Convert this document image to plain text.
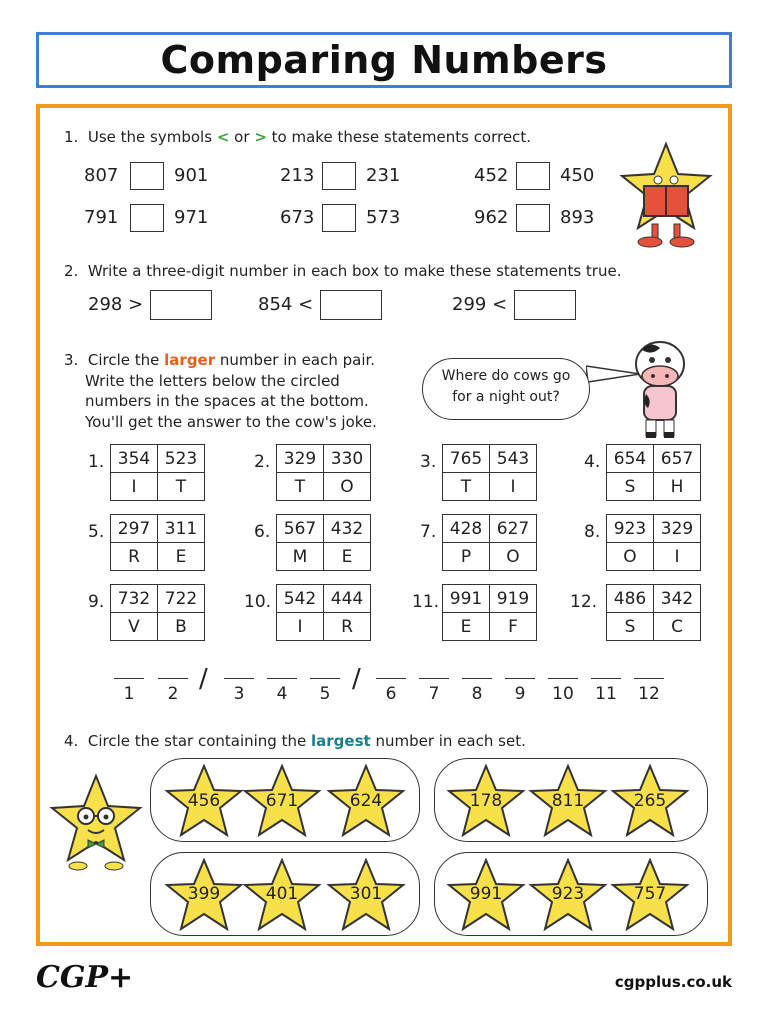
Comparing Numbers
1. Use the symbols < or > to make these statements correct.
807	901	213	231	452	450
791	971	673	573	962	893
2. Write a three-digit number in each box to make these statements true.
298 >	854 <	299 <
3. Circle the larger number in each pair.
Write the letters below the circled
numbers in the spaces at the bottom.
You'll get the answer to the cow's joke.
Where do cows go
for a night out?
1. 354	523
I	T
2. 329	330
T	O
3. 765	543
T	I
4. 654	657
S	H
5. 297	311
R	E
6. 567	432
M	E
7. 428	627
P	O
8. 923	329
O	I
9. 732	722
V	B
10. 542	444
I	R
11. 991	919
E	F
12. 486	342
S	C
1	2 /	3	4	5 /	6	7	8	9	10 11 12
4. Circle the star containing the largest number in each set.
456	671	624	178	811	265
399	401	301	991	923	757
CGP+	cgpplus.co.uk
